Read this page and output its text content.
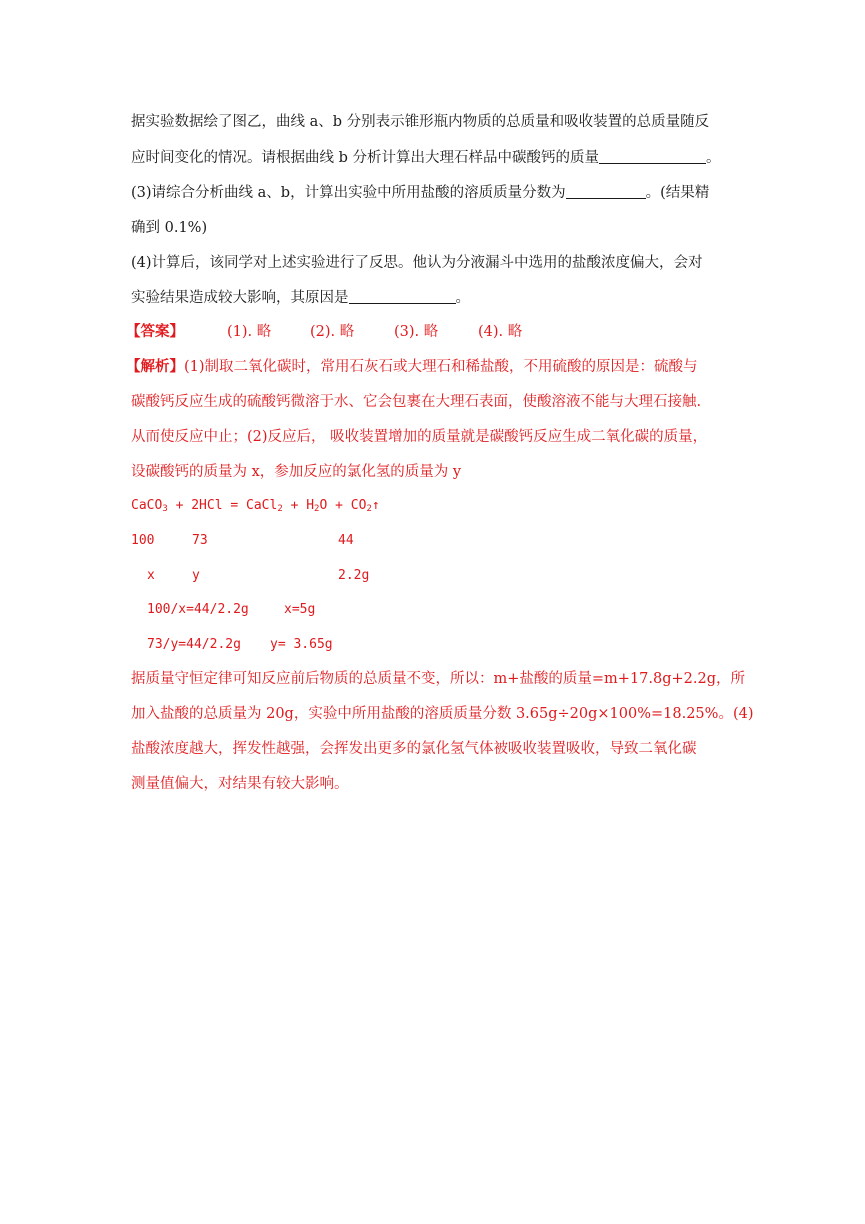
据实验数据绘了图乙，曲线 a、b 分别表示锥形瓶内物质的总质量和吸收装置的总质量随反
应时间变化的情况。请根据曲线 b 分析计算出大理石样品中碳酸钙的质量	。
(3)请综合分析曲线 a、b，计算出实验中所用盐酸的溶质质量分数为	。(结果精
确到 0.1%)
(4)计算后，该同学对上述实验进行了反思。他认为分液漏斗中选用的盐酸浓度偏大，会对
实验结果造成较大影响，其原因是	。
【答案】	(1). 略	(2). 略	(3). 略	(4). 略
【解析】(1)制取二氧化碳时，常用石灰石或大理石和稀盐酸，不用硫酸的原因是：硫酸与
碳酸钙反应生成的硫酸钙微溶于水、它会包裹在大理石表面，使酸溶液不能与大理石接触.
从而使反应中止；(2)反应后， 吸收装置增加的质量就是碳酸钙反应生成二氧化碳的质量，
设碳酸钙的质量为 x，参加反应的氯化氢的质量为 y
CaCO$_3$ + 2HCl = CaCl$_2$ + $H_2O$ + $CO_2↑$
100	73	44
x	y	2.2g
100/x=44/2.2g	x=5g
73/y=44/2.2g y= 3.65g
据质量守恒定律可知反应前后物质的总质量不变，所以：m+盐酸的质量=m+17.8g+2.2g，所
加入盐酸的总质量为 20g，实验中所用盐酸的溶质质量分数 3.65g÷20g×100%=18.25%。(4)
盐酸浓度越大，挥发性越强，会挥发出更多的氯化氢气体被吸收装置吸收，导致二氧化碳
测量值偏大，对结果有较大影响。
